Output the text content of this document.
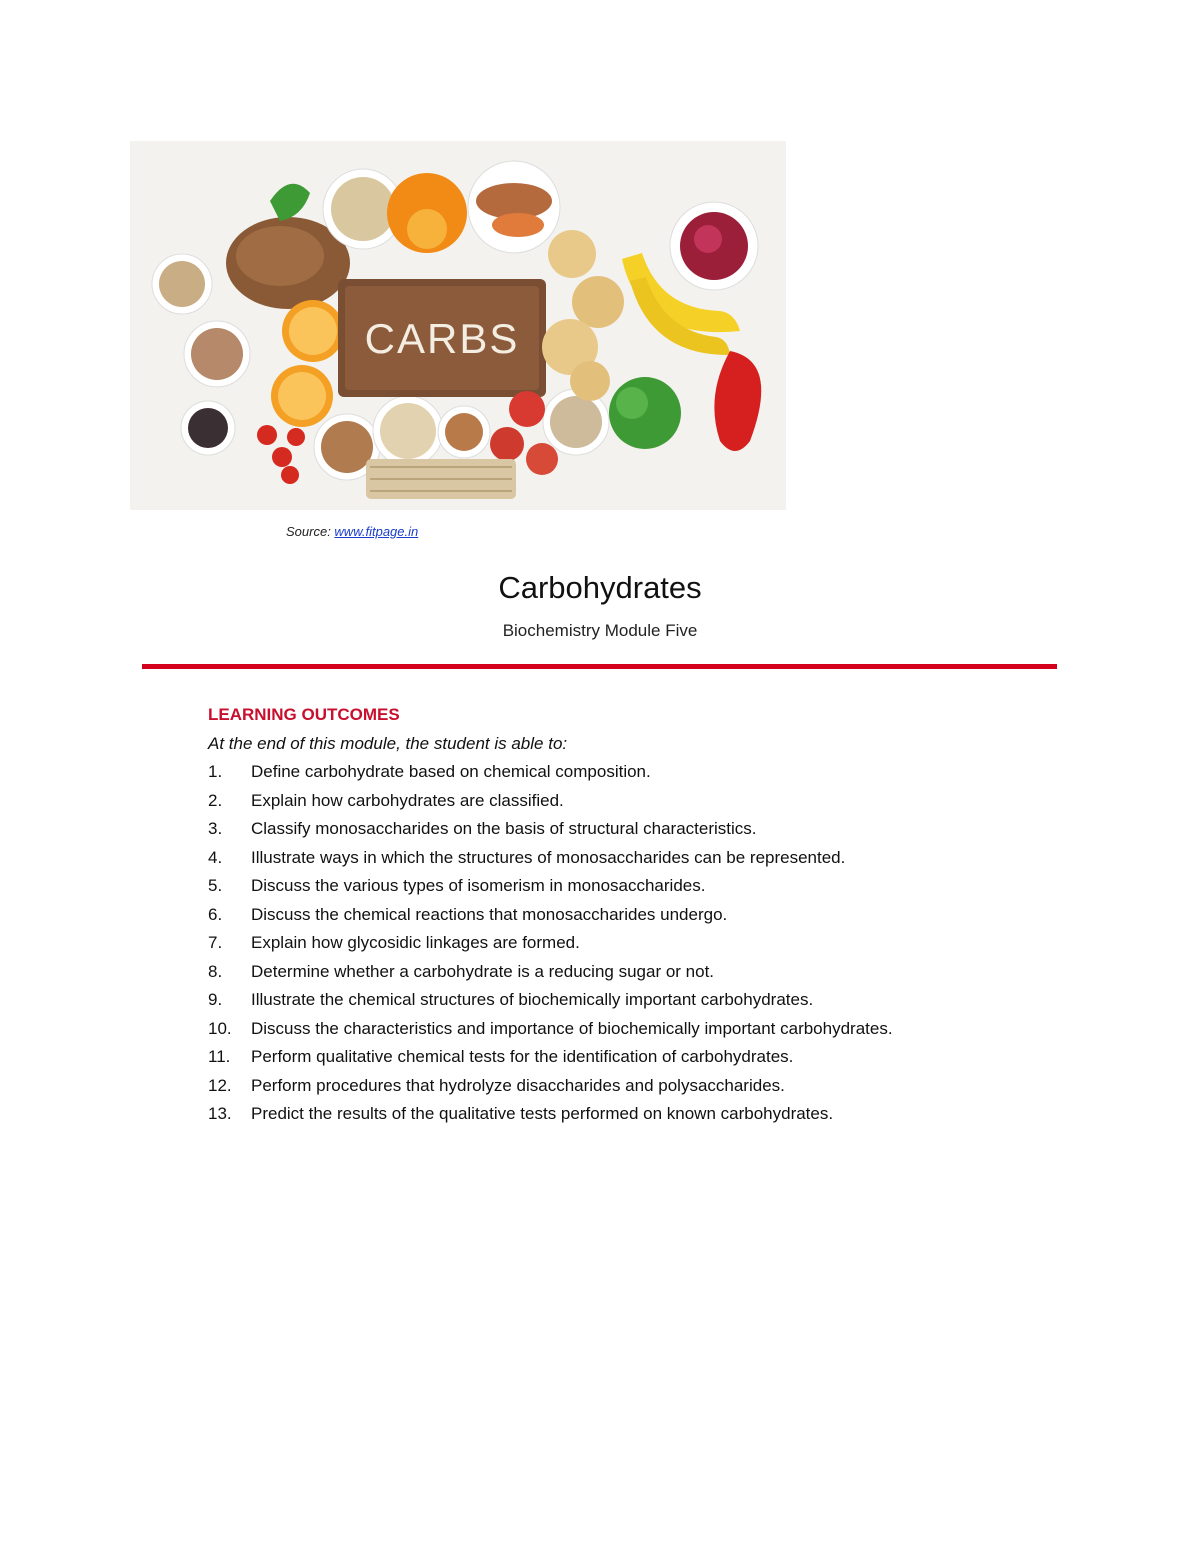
CARBS
Source: www.fitpage.in
Carbohydrates
Biochemistry Module Five
LEARNING OUTCOMES
At the end of this module, the student is able to:
1. Define carbohydrate based on chemical composition.
2. Explain how carbohydrates are classified.
3. Classify monosaccharides on the basis of structural characteristics.
4. Illustrate ways in which the structures of monosaccharides can be represented.
5. Discuss the various types of isomerism in monosaccharides.
6. Discuss the chemical reactions that monosaccharides undergo.
7. Explain how glycosidic linkages are formed.
8. Determine whether a carbohydrate is a reducing sugar or not.
9. Illustrate the chemical structures of biochemically important carbohydrates.
10. Discuss the characteristics and importance of biochemically important carbohydrates.
11. Perform qualitative chemical tests for the identification of carbohydrates.
12. Perform procedures that hydrolyze disaccharides and polysaccharides.
13. Predict the results of the qualitative tests performed on known carbohydrates.
